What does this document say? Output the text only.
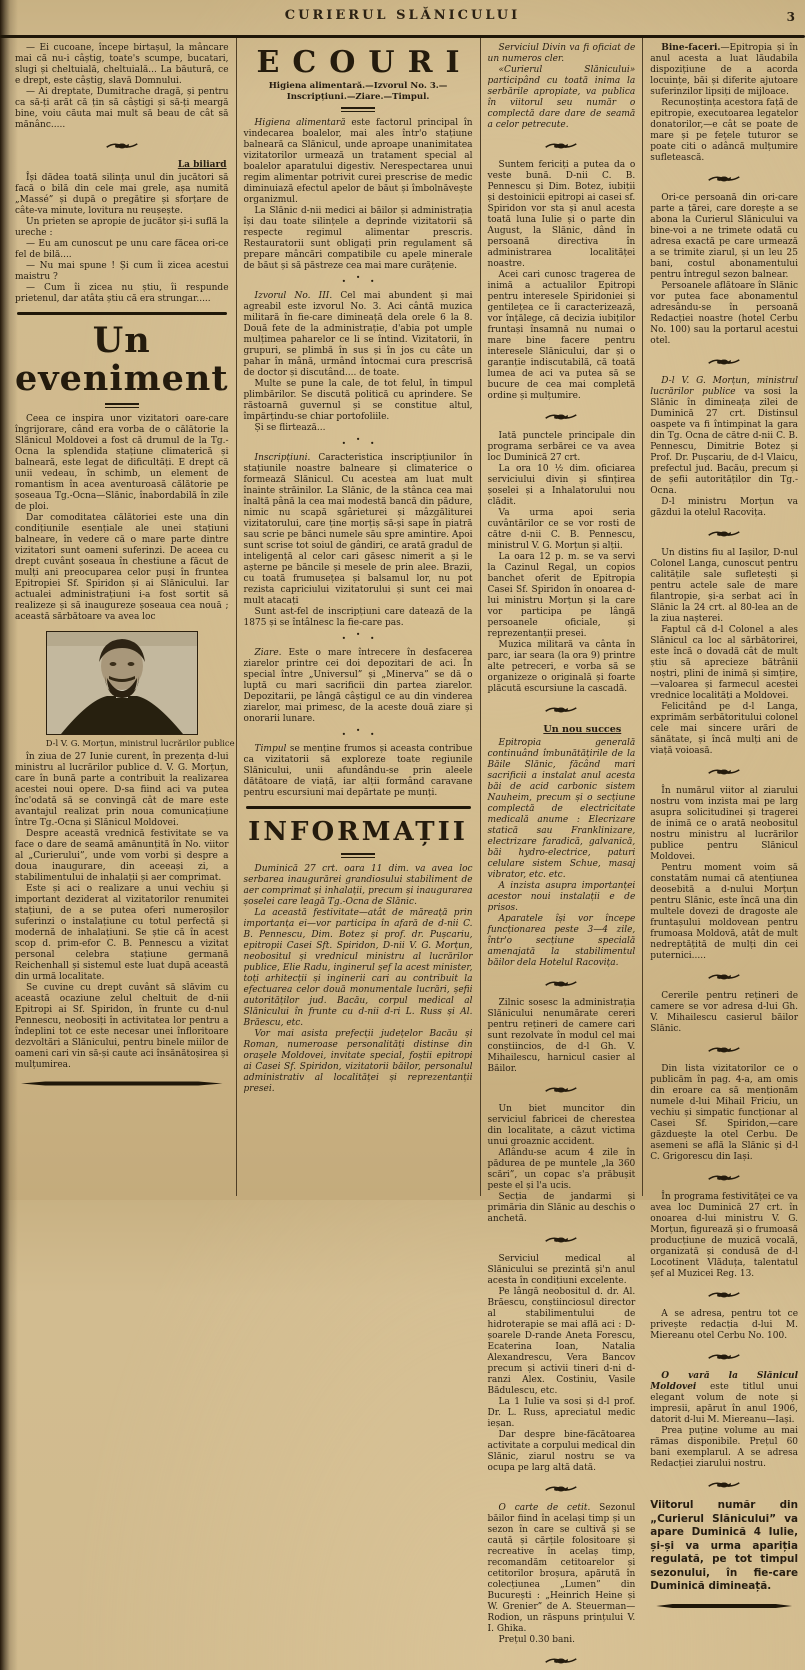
CURIERUL SLĂNICULUI	3

— Ei cucoane, începe birtașul, la mâncare mai că nu-i câștig, toate's scumpe, bucatari, slugi și cheltuială, cheltuială... La băutură, ce e drept, este câștig, slavă Domnului.

— Ai dreptate, Dumitrache dragă, și pentru ca să-ți arăt că țin să câștigi și să-ți meargă bine, voiu căuta mai mult să beau de cât să mănânc.....

La biliard

Își dădea toată silința unul din jucători să facă o bilă din cele mai grele, așa numită „Massé” și după o pregătire și sforțare de câte-va minute, lovitura nu reușește.

Un prieten se apropie de jucător și-i suflă la ureche :

— Eu am cunoscut pe unu care făcea ori-ce fel de bilă....

— Nu mai spune ! Și cum îi zicea acestui maistru ?

— Cum îi zicea nu știu, îi respunde prietenul, dar atâta știu că era strungar.....

Un eveniment

Ceea ce inspira unor vizitatori oare-care îngrijorare, când era vorba de o călătorie la Slănicul Moldovei a fost că drumul de la Tg.-Ocna la splendida stațiune climaterică și balneară, este legat de dificultăți. E drept că unii vedeau, în schimb, un element de romantism în acea aventuroasă călătorie pe șoseaua Tg.-Ocna—Slănic, înabordabilă în zile de ploi.

Dar comoditatea călătoriei este una din condițiunile esențiale ale unei stațiuni balneare, în vedere că o mare parte dintre vizitatori sunt oameni suferinzi. De aceea cu drept cuvânt șoseaua în chestiune a făcut de mulți ani preocuparea celor puși în fruntea Epitropiei Sf. Spiridon și ai Slănicului. Iar actualei administrațiuni i-a fost sortit să realizeze și să inaugureze șoseaua cea nouă ; această sărbătoare va avea loc

D-l V. G. Morțun, ministrul lucrărilor publice

în ziua de 27 Iunie curent, în prezența d-lui ministru al lucrărilor publice d. V. G. Morțun, care în bună parte a contribuit la realizarea acestei noui opere. D-sa fiind aci va putea înc'odată să se convingă cât de mare este avantajul realizat prin noua comunicațiune între Tg.-Ocna și Slănicul Moldovei.

Despre această vrednică festivitate se va face o dare de seamă amănunțită în No. viitor al „Curierului”, unde vom vorbi și despre a doua inaugurare, din aceeași zi, a stabilimentului de inhalații și aer comprimat.

Este și aci o realizare a unui vechiu și important deziderat al vizitatorilor renumitei stațiuni, de a se putea oferi numeroșilor suferinzi o instalațiune cu totul perfectă și modernă de inhalațiuni. Se știe că în acest scop d. prim-efor C. B. Pennescu a vizitat personal celebra stațiune germană Reichenhall și sistemul este luat după această din urmă localitate.

Se cuvine cu drept cuvânt să slăvim cu această ocaziune zelul cheltuit de d-nii Epitropi ai Sf. Spiridon, în frunte cu d-nul Pennescu, neobosiți în activitatea lor pentru a îndeplini tot ce este necesar unei înfloritoare dezvoltări a Slănicului, pentru binele miilor de oameni cari vin să-și caute aci însănătoșirea și mulțumirea.

ECOURI
Higiena alimentară.—Izvorul No. 3.—Inscripțiuni.—Ziare.—Timpul.

Higiena alimentară este factorul principal în vindecarea boalelor, mai ales într'o stațiune balneară ca Slănicul, unde aproape unanimitatea vizitatorilor urmează un tratament special al boalelor aparatului digestiv. Nerespectarea unui regim alimentar potrivit curei prescrise de medic diminuiază efectul apelor de băut și îmbolnăvește organizmul.

La Slănic d-nii medici ai băilor și administrația își dau toate silințele a deprinde vizitatorii să respecte regimul alimentar prescris. Restauratorii sunt obligați prin regulament să prepare mâncări compatibile cu apele minerale de băut și să păstreze cea mai mare curățenie.

· · ·

Izvorul No. III. Cel mai abundent și mai agreabil este izvorul No. 3. Aci cântă muzica militară în fie-care dimineață dela orele 6 la 8. Două fete de la administrație, d'abia pot umple mulțimea paharelor ce li se întind. Vizitatorii, în grupuri, se plimbă în sus și în jos cu câte un pahar în mână, urmând întocmai cura prescrisă de doctor și discutând.... de toate.

Multe se pune la cale, de tot felul, în timpul plimbărilor. Se discută politică cu aprindere. Se răstoarnă guvernul și se constitue altul, împărțindu-se chiar portofoliile.

Și se flirtează...

· · ·

Inscripțiuni. Caracteristica inscripțiunilor în stațiunile noastre balneare și climaterice o formează Slănicul. Cu acestea am luat mult înainte străinilor. La Slănic, de la stânca cea mai înaltă până la cea mai modestă bancă din pădure, nimic nu scapă sgârieturei și mâzgăliturei vizitatorului, care ține morțiș să-și sape în piatră sau scrie pe bănci numele său spre amintire. Apoi sunt scrise tot soiul de gândiri, ce arată gradul de inteligență al celor cari găsesc nimerit a și le așterne pe băncile și mesele de prin alee. Brazii, cu toată frumusețea și balsamul lor, nu pot rezista capriciului vizitatorului și sunt cei mai mult atacați

Sunt ast-fel de inscripțiuni care datează de la 1875 și se întâlnesc la fie-care pas.

· · ·

Ziare. Este o mare întrecere în desfacerea ziarelor printre cei doi depozitari de aci. În special între „Universul” și „Minerva” se dă o luptă cu mari sacrificii din partea ziarelor. Depozitarii, pe lângă câștigul ce au din vinderea ziarelor, mai primesc, de la aceste două ziare și onorarii lunare.

· · ·

Timpul se menține frumos și aceasta contribue ca vizitatorii să exploreze toate regiunile Slănicului, unii afundându-se prin aleele dătătoare de viață, iar alții formând caravane pentru escursiuni mai depărtate pe munți.

INFORMAȚII

Duminică 27 crt. oara 11 dim. va avea loc serbarea inaugurărei grandiosului stabiliment de aer comprimat și inhalații, precum și inaugurarea șoselei care leagă Tg.-Ocna de Slănic.

La această festivitate—atât de măreață prin importanța ei—vor participa în afară de d-nii C. B. Pennescu, Dim. Botez și prof. dr. Pușcariu, epitropii Casei Sft. Spiridon, D-nii V. G. Morțun, neobositul și vrednicul ministru al lucrărilor publice, Elie Radu, inginerul șef la acest minister, toți arhitecții și inginerii cari au contribuit la efectuarea celor două monumentale lucrări, șefii autorităților jud. Bacău, corpul medical al Slănicului în frunte cu d-nii d-ri L. Russ și Al. Brăescu, etc.

Vor mai asista prefecții județelor Bacău și Roman, numeroase personalități distinse din orașele Moldovei, invitate special, foștii epitropi ai Casei Sf. Spiridon, vizitatorii băilor, personalul administrativ al localităței și reprezentanții presei.

Serviciul Divin va fi oficiat de un numeros cler.

«Curierul Slănicului» participând cu toată inima la serbările apropiate, va publica în viitorul seu număr o complectă dare dare de seamă a celor petrecute.

Suntem fericiți a putea da o veste bună. D-nii C. B. Pennescu și Dim. Botez, iubiții și destoinicii epitropi ai casei sf. Spiridon vor sta și anul acesta toată luna Iulie și o parte din August, la Slănic, dând în persoană directiva în administrarea localităței noastre.

Acei cari cunosc tragerea de inimă a actualilor Epitropi pentru interesele Spiridoniei și gentilețea ce îi caracterizează, vor înțălege, că decizia iubiților fruntași însamnă nu numai o mare bine facere pentru interesele Slănicului, dar și o garanție indiscutabilă, că toată lumea de aci va putea să se bucure de cea mai completă ordine și mulțumire.

Iată punctele principale din programa serbărei ce va avea loc Duminică 27 crt.

La ora 10 ½ dim. oficiarea serviciului divin și sfințirea șoselei și a Inhalatorului nou clădit.

Va urma apoi seria cuvântărilor ce se vor rosti de către d-nii C. B. Pennescu, ministrul V. G. Morțun și alții.

La oara 12 p. m. se va servi la Cazinul Regal, un copios banchet oferit de Epitropia Casei Sf. Spiridon în onoarea d-lui ministru Morțun și la care vor participa pe lângă persoanele oficiale, și reprezentanții presei.

Muzica militară va cânta în parc, iar seara (la ora 9) printre alte petreceri, e vorba să se organizeze o originală și foarte plăcută escursiune la cascadă.

Un nou succes

Epitropia generală continuând îmbunătățirile de la Băile Slănic, făcând mari sacrificii a instalat anul acesta băi de acid carbonic sistem Nauheim, precum și o secțiune complectă de electricitate medicală anume : Elecrizare statică sau Franklinizare, electrizare faradică, galvanică, băi hydro-electrice, paturi celulare sistem Schue, masaj vibrator, etc. etc.

A inzista asupra importanței acestor noui instalații e de prisos.

Aparatele își vor începe funcționarea peste 3—4 zile, într'o secțiune specială amenajată la stabilimentul băilor dela Hotelul Racovița.

Zilnic sosesc la administrația Slănicului nenumărate cereri pentru rețineri de camere cari sunt rezolvate în modul cel mai conștiincios, de d-l Gh. V. Mihailescu, harnicul casier al Băilor.

Un biet muncitor din serviciul fabricei de cherestea din localitate, a căzut victima unui groaznic accident.

Aflându-se acum 4 zile în pădurea de pe muntele „la 360 scări”, un copac s'a prăbușit peste el și l'a ucis.

Secția de jandarmi și primăria din Slănic au deschis o anchetă.

Serviciul medical al Slănicului se prezintă și'n anul acesta în condițiuni excelente.

Pe lângă neobositul d. dr. Al. Brăescu, conștiinciosul director al stabilimentului de hidroterapie se mai află aci : D-șoarele D-rande Aneta Forescu, Ecaterina Ioan, Natalia Alexandrescu, Vera Bancov precum și activii tineri d-ni d-ranzi Alex. Costiniu, Vasile Bădulescu, etc.

La 1 Iulie va sosi și d-l prof. Dr. L. Russ, apreciatul medic ieșan.

Dar despre bine-făcătoarea activitate a corpului medical din Slănic, ziarul nostru se va ocupa pe larg altă dată.

O carte de cetit. Sezonul băilor fiind în același timp și un sezon în care se cultivă și se caută și cărțile folositoare și recreative în acelaș timp, recomandăm cetitoarelor și cetitorilor broșura, apărută în colecțiunea „Lumen” din București : „Heinrich Heine și W. Grenier” de A. Steuerman—Rodion, un răspuns prințului V. I. Ghika.

Prețul 0.30 bani.

Bine-faceri.—Epitropia și în anul acesta a luat lăudabila dispozițiune de a acorda locuințe, băi și diferite ajutoare suferinzilor lipsiți de mijloace.

Recunoștința acestora față de epitropie, executoarea legatelor donatorilor,—e cât se poate de mare și pe fețele tuturor se poate citi o adâncă mulțumire sufletească.

Ori-ce persoană din ori-care parte a țărei, care dorește a se abona la Curierul Slănicului va bine-voi a ne trimete odată cu adresa exactă pe care urmează a se trimite ziarul, și un leu 25 bani, costul abonamentului pentru întregul sezon balnear.

Persoanele aflătoare în Slănic vor putea face abonamentul adresându-se în persoană Redacției noastre (hotel Cerbu No. 100) sau la portarul acestui otel.

D-l V. G. Morțun, ministrul lucrărilor publice va sosi la Slănic în dimineața zilei de Duminică 27 crt. Distinsul oaspete va fi întimpinat la gara din Tg. Ocna de către d-nii C. B. Pennescu, Dimitrie Botez și Prof. Dr. Pușcariu, de d-l Vlaicu, prefectul jud. Bacău, precum și de șefii autorităților din Tg.-Ocna.

D-l ministru Morțun va găzdui la otelul Racovița.

Un distins fiu al Iașilor, D-nul Colonel Langa, cunoscut pentru calitățile sale sufletești și pentru actele sale de mare filantropie, și-a serbat aci în Slănic la 24 crt. al 80-lea an de la ziua nașterei.

Faptul că d-l Colonel a ales Slănicul ca loc al sărbătorirei, este încă o dovadă cât de mult știu să aprecieze bătrânii noștri, plini de inimă și simțire,—valoarea și farmecul acestei vrednice localități a Moldovei.

Felicitând pe d-l Langa, exprimăm serbătoritului colonel cele mai sincere urări de sănătate, și încă mulți ani de viață voioasă.

În numărul viitor al ziarului nostru vom inzista mai pe larg asupra solicitudinei și tragerei de inimă ce o arată neobositul nostru ministru al lucrărilor publice pentru Slănicul Moldovei.

Pentru moment voim să constatăm numai că atențiunea deosebită a d-nului Morțun pentru Slănic, este încă una din multele dovezi de dragoste ale fruntașului moldovean pentru frumoasa Moldovă, atât de mult nedreptățită de mulți din cei puternici.....

Cererile pentru rețineri de camere se vor adresa d-lui Gh. V. Mihailescu casierul băilor Slănic.

Din lista vizitatorilor ce o publicăm în pag. 4-a, am omis din eroare ca să menționăm numele d-lui Mihail Friciu, un vechiu și simpatic funcționar al Casei Sf. Spiridon,—care găzduește la otel Cerbu. De asemeni se află la Slănic și d-l C. Grigorescu din Iași.

În programa festivităței ce va avea loc Duminică 27 crt. în onoarea d-lui ministru V. G. Morțun, figurează și o frumoasă producțiune de muzică vocală, organizată și condusă de d-l Locotinent Vlăduța, talentatul șef al Muzicei Reg. 13.

A se adresa, pentru tot ce privește redacția d-lui M. Miereanu otel Cerbu No. 100.

O vară la Slănicul Moldovei este titlul unui elegant volum de note și impresii, apărut în anul 1906, datorit d-lui M. Miereanu—Iași.

Prea puține volume au mai rămas disponibile. Prețul 60 bani exemplarul. A se adresa Redacției ziarului nostru.

Viitorul număr din „Curierul Slănicului” va apare Duminică 4 Iulie, și-și va urma apariția regulată, pe tot timpul sezonului, în fie-care Duminică dimineață.
